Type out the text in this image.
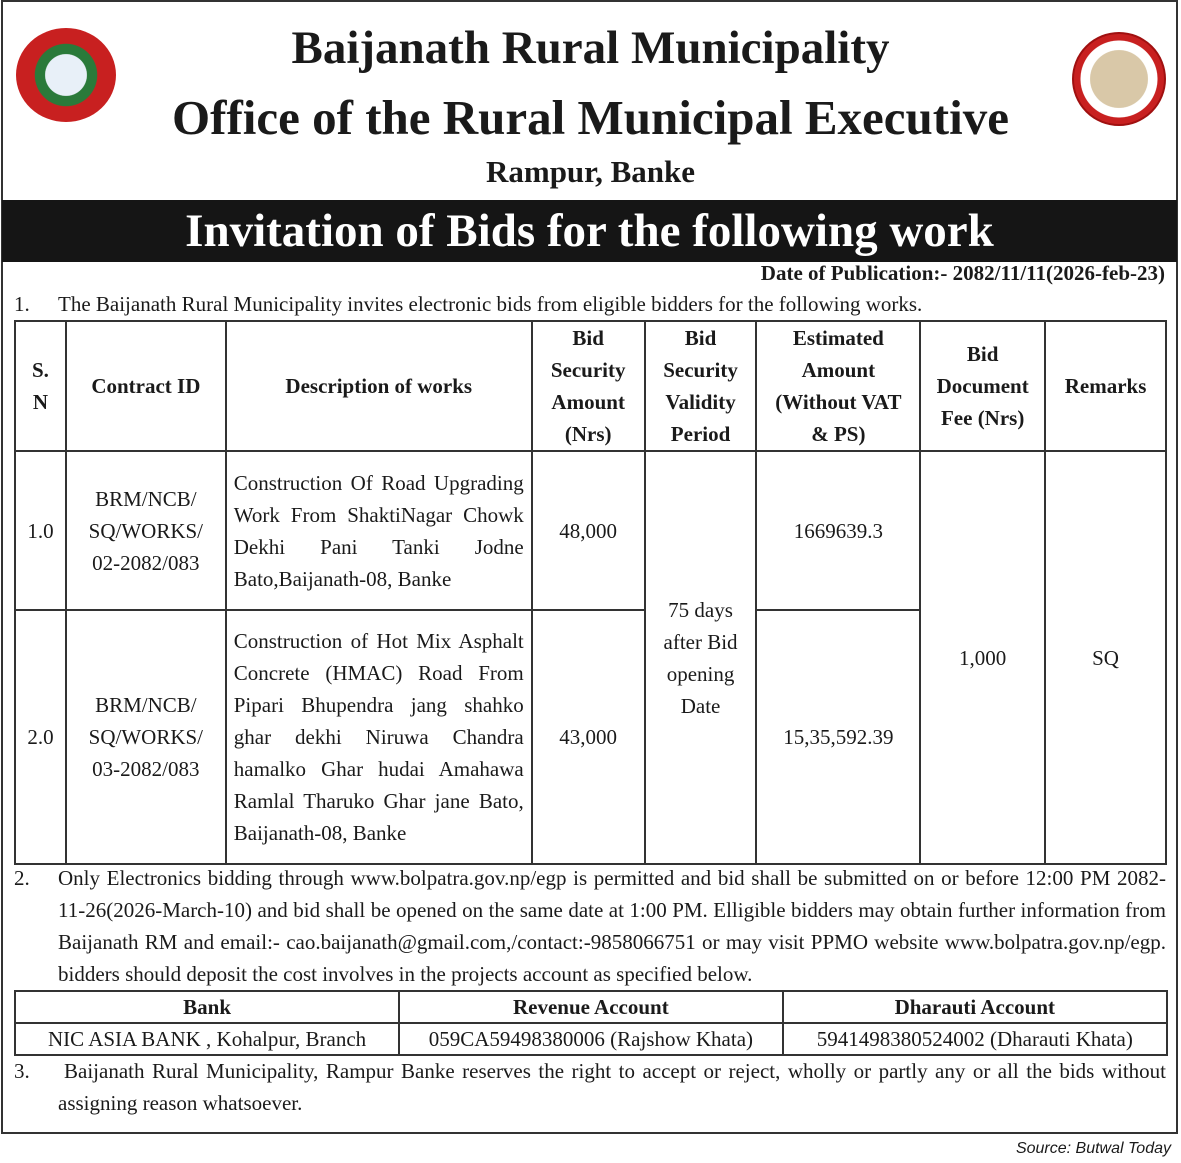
Baijanath Rural Municipality
Office of the Rural Municipal Executive
Rampur, Banke
Invitation of Bids for the following work
Date of Publication:- 2082/11/11(2026-feb-23)
1. The Baijanath Rural Municipality invites electronic bids from eligible bidders for the following works.
S. N	Contract ID	Description of works	Bid Security Amount (Nrs)	Bid Security Validity Period	Estimated Amount (Without VAT & PS)	Bid Document Fee (Nrs)	Remarks
1.0	BRM/NCB/ SQ/WORKS/ 02-2082/083	Construction Of Road Upgrading Work From ShaktiNagar Chowk Dekhi Pani Tanki Jodne Bato,Baijanath-08, Banke	48,000	75 days after Bid opening Date	1669639.3	1,000	SQ
2.0	BRM/NCB/ SQ/WORKS/ 03-2082/083	Construction of Hot Mix Asphalt Concrete (HMAC) Road From Pipari Bhupendra jang shahko ghar dekhi Niruwa Chandra hamalko Ghar hudai Amahawa Ramlal Tharuko Ghar jane Bato, Baijanath-08, Banke	43,000		15,35,592.39		
2. Only Electronics bidding through www.bolpatra.gov.np/egp is permitted and bid shall be submitted on or before 12:00 PM 2082-11-26(2026-March-10) and bid shall be opened on the same date at 1:00 PM. Elligible bidders may obtain further information from Baijanath RM and email:- cao.baijanath@gmail.com,/contact:-9858066751 or may visit PPMO website www.bolpatra.gov.np/egp. bidders should deposit the cost involves in the projects account as specified below.
Bank	Revenue Account	Dharauti Account
NIC ASIA BANK , Kohalpur, Branch	059CA59498380006 (Rajshow Khata)	5941498380524002 (Dharauti Khata)
3. Baijanath Rural Municipality, Rampur Banke reserves the right to accept or reject, wholly or partly any or all the bids without assigning reason whatsoever.
Source: Butwal Today
